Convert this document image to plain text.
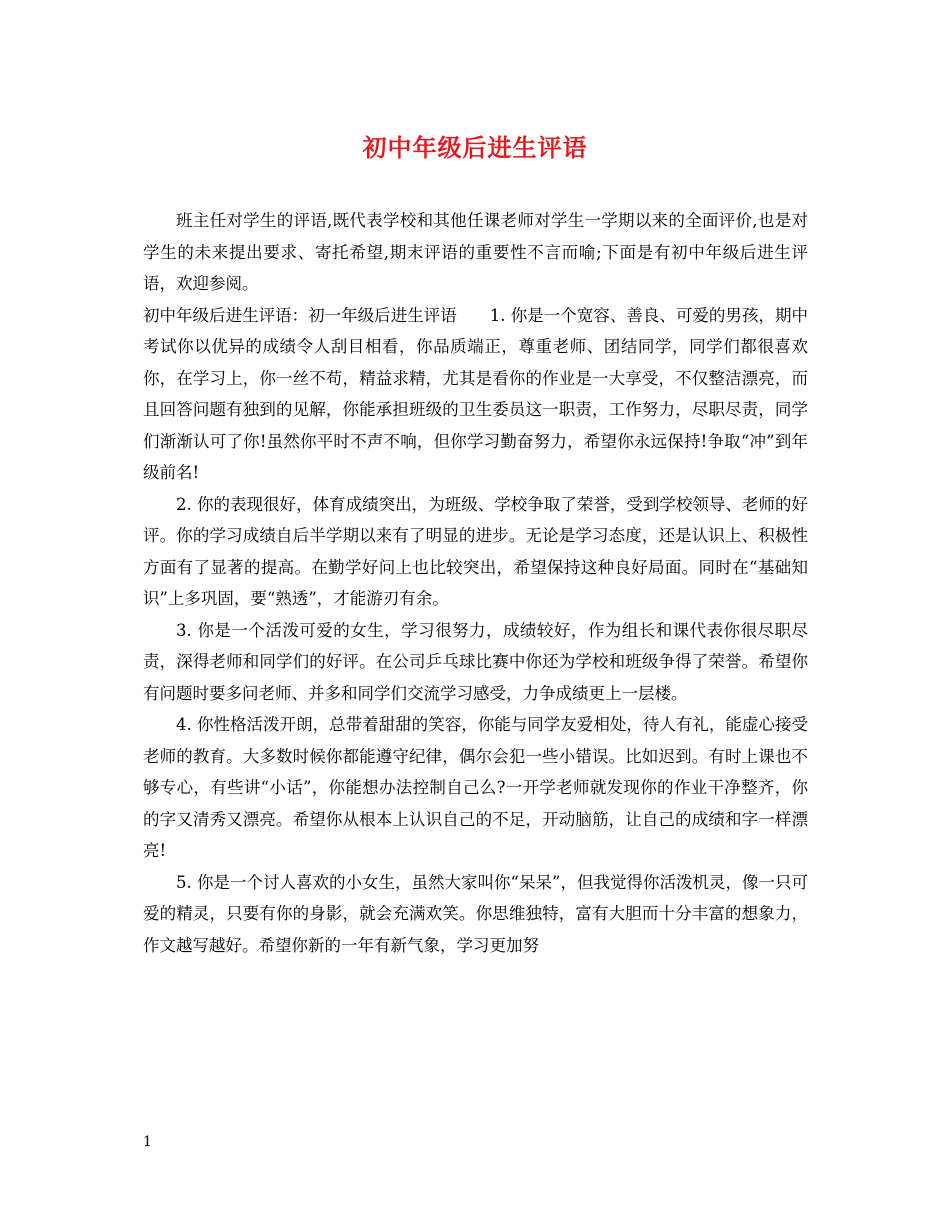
初中年级后进生评语

班主任对学生的评语,既代表学校和其他任课老师对学生一学期以来的全面评价,也是对学生的未来提出要求、寄托希望,期末评语的重要性不言而喻;下面是有初中年级后进生评语，欢迎参阅。

初中年级后进生评语：初一年级后进生评语　　1. 你是一个宽容、善良、可爱的男孩，期中考试你以优异的成绩令人刮目相看，你品质端正，尊重老师、团结同学，同学们都很喜欢你，在学习上，你一丝不苟，精益求精，尤其是看你的作业是一大享受，不仅整洁漂亮，而且回答问题有独到的见解，你能承担班级的卫生委员这一职责，工作努力，尽职尽责，同学们渐渐认可了你!虽然你平时不声不响，但你学习勤奋努力，希望你永远保持!争取“冲”到年级前名!

2. 你的表现很好，体育成绩突出，为班级、学校争取了荣誉，受到学校领导、老师的好评。你的学习成绩自后半学期以来有了明显的进步。无论是学习态度，还是认识上、积极性方面有了显著的提高。在勤学好问上也比较突出，希望保持这种良好局面。同时在“基础知识”上多巩固，要“熟透”，才能游刃有余。

3. 你是一个活泼可爱的女生，学习很努力，成绩较好，作为组长和课代表你很尽职尽责，深得老师和同学们的好评。在公司乒乓球比赛中你还为学校和班级争得了荣誉。希望你有问题时要多问老师、并多和同学们交流学习感受，力争成绩更上一层楼。

4. 你性格活泼开朗，总带着甜甜的笑容，你能与同学友爱相处，待人有礼，能虚心接受老师的教育。大多数时候你都能遵守纪律，偶尔会犯一些小错误。比如迟到。有时上课也不够专心，有些讲“小话”，你能想办法控制自己么?一开学老师就发现你的作业干净整齐，你的字又清秀又漂亮。希望你从根本上认识自己的不足，开动脑筋，让自己的成绩和字一样漂亮!

5. 你是一个讨人喜欢的小女生，虽然大家叫你“呆呆”，但我觉得你活泼机灵，像一只可爱的精灵，只要有你的身影，就会充满欢笑。你思维独特，富有大胆而十分丰富的想象力，作文越写越好。希望你新的一年有新气象，学习更加努

1
